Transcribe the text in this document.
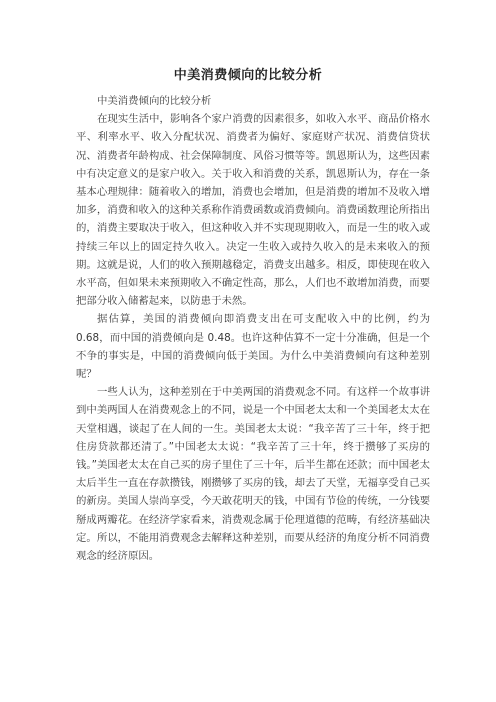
中美消费倾向的比较分析

中美消费倾向的比较分析

在现实生活中，影响各个家户消费的因素很多，如收入水平、商品价格水平、利率水平、收入分配状况、消费者为偏好、家庭财产状况、消费信贷状况、消费者年龄构成、社会保障制度、风俗习惯等等。凯恩斯认为，这些因素中有决定意义的是家户收入。关于收入和消费的关系，凯恩斯认为，存在一条基本心理规律：随着收入的增加，消费也会增加，但是消费的增加不及收入增加多，消费和收入的这种关系称作消费函数或消费倾向。消费函数理论所指出的，消费主要取决于收入，但这种收入并不实现现期收入，而是一生的收入或持续三年以上的固定持久收入。决定一生收入或持久收入的是未来收入的预期。这就是说，人们的收入预期越稳定，消费支出越多。相反，即使现在收入水平高，但如果未来预期收入不确定性高，那么，人们也不敢增加消费，而要把部分收入储蓄起来，以防患于未然。

据估算，美国的消费倾向即消费支出在可支配收入中的比例，约为 0.68，而中国的消费倾向是 0.48。也许这种估算不一定十分准确，但是一个不争的事实是，中国的消费倾向低于美国。为什么中美消费倾向有这种差别呢？

一些人认为，这种差别在于中美两国的消费观念不同。有这样一个故事讲到中美两国人在消费观念上的不同，说是一个中国老太太和一个美国老太太在天堂相遇，谈起了在人间的一生。美国老太太说：“我辛苦了三十年，终于把住房贷款都还清了。”中国老太太说：“我辛苦了三十年，终于攒够了买房的钱。”美国老太太在自己买的房子里住了三十年，后半生都在还款；而中国老太太后半生一直在存款攒钱，刚攒够了买房的钱，却去了天堂，无福享受自己买的新房。美国人崇尚享受，今天敢花明天的钱，中国有节俭的传统，一分钱要掰成两瓣花。在经济学家看来，消费观念属于伦理道德的范畴，有经济基础决定。所以，不能用消费观念去解释这种差别，而要从经济的角度分析不同消费观念的经济原因。
